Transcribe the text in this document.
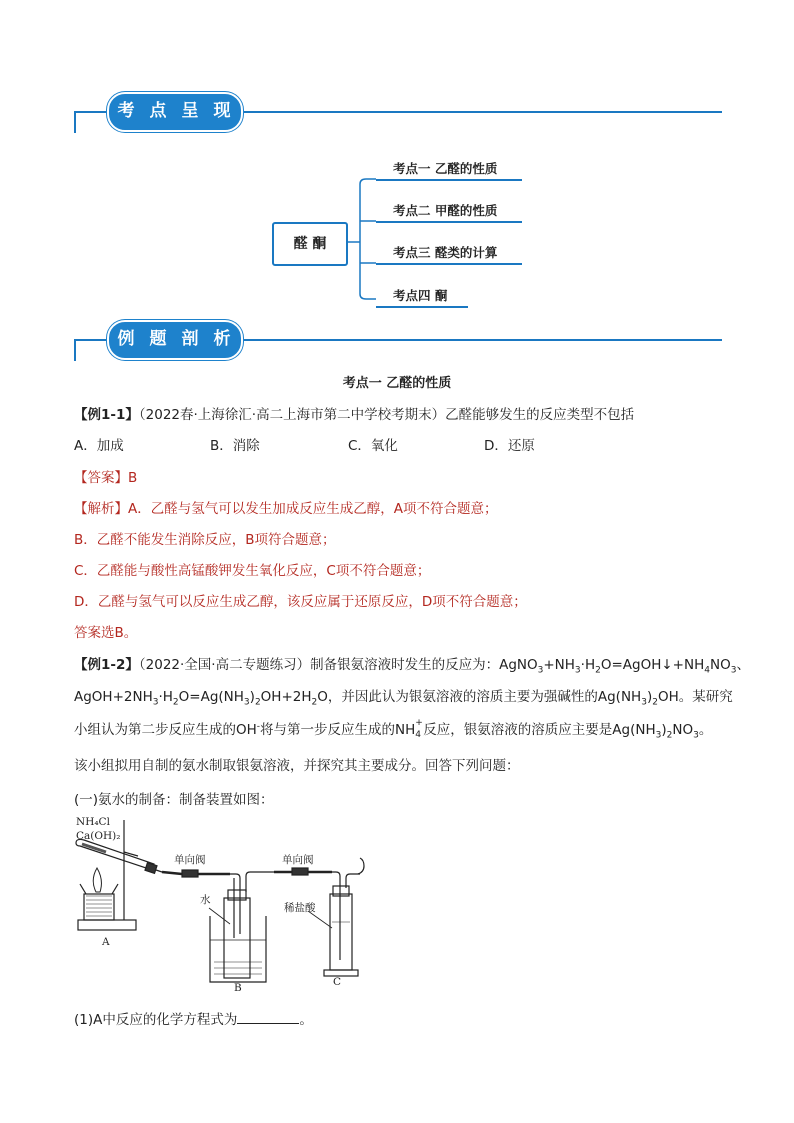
考 点 呈 现
醛 酮
考点一 乙醛的性质
考点二 甲醛的性质
考点三 醛类的计算
考点四 酮
例 题 剖 析
考点一 乙醛的性质
【例1-1】（2022春·上海徐汇·高二上海市第二中学校考期末）乙醛能够发生的反应类型不包括
A．加成	B．消除	C．氧化	D．还原
【答案】B
【解析】A．乙醛与氢气可以发生加成反应生成乙醇，A项不符合题意；
B．乙醛不能发生消除反应，B项符合题意；
C．乙醛能与酸性高锰酸钾发生氧化反应，C项不符合题意；
D．乙醛与氢气可以反应生成乙醇，该反应属于还原反应，D项不符合题意；
答案选B。
【例1-2】（2022·全国·高二专题练习）制备银氨溶液时发生的反应为：$AgNO_3+NH_3\cdot H_2O=AgOH↓+NH_4NO_3$、
$AgOH+2NH_3\cdot H_2O=Ag(NH_3)_2OH+2H_2O$，并因此认为银氨溶液的溶质主要为强碱性的$Ag(NH_3)_2OH$。某研究
小组认为第二步反应生成的OH-将与第一步反应生成的NH +
4 反应，银氨溶液的溶质应主要是$Ag(NH_3)_2NO_3$。
该小组拟用自制的氨水制取银氨溶液，并探究其主要成分。回答下列问题：
(一)氨水的制备：制备装置如图：
NH₄Cl
Ca(OH)₂
单向阀	单向阀
水
稀盐酸
A
B	C
(1)A中反应的化学方程式为	。
